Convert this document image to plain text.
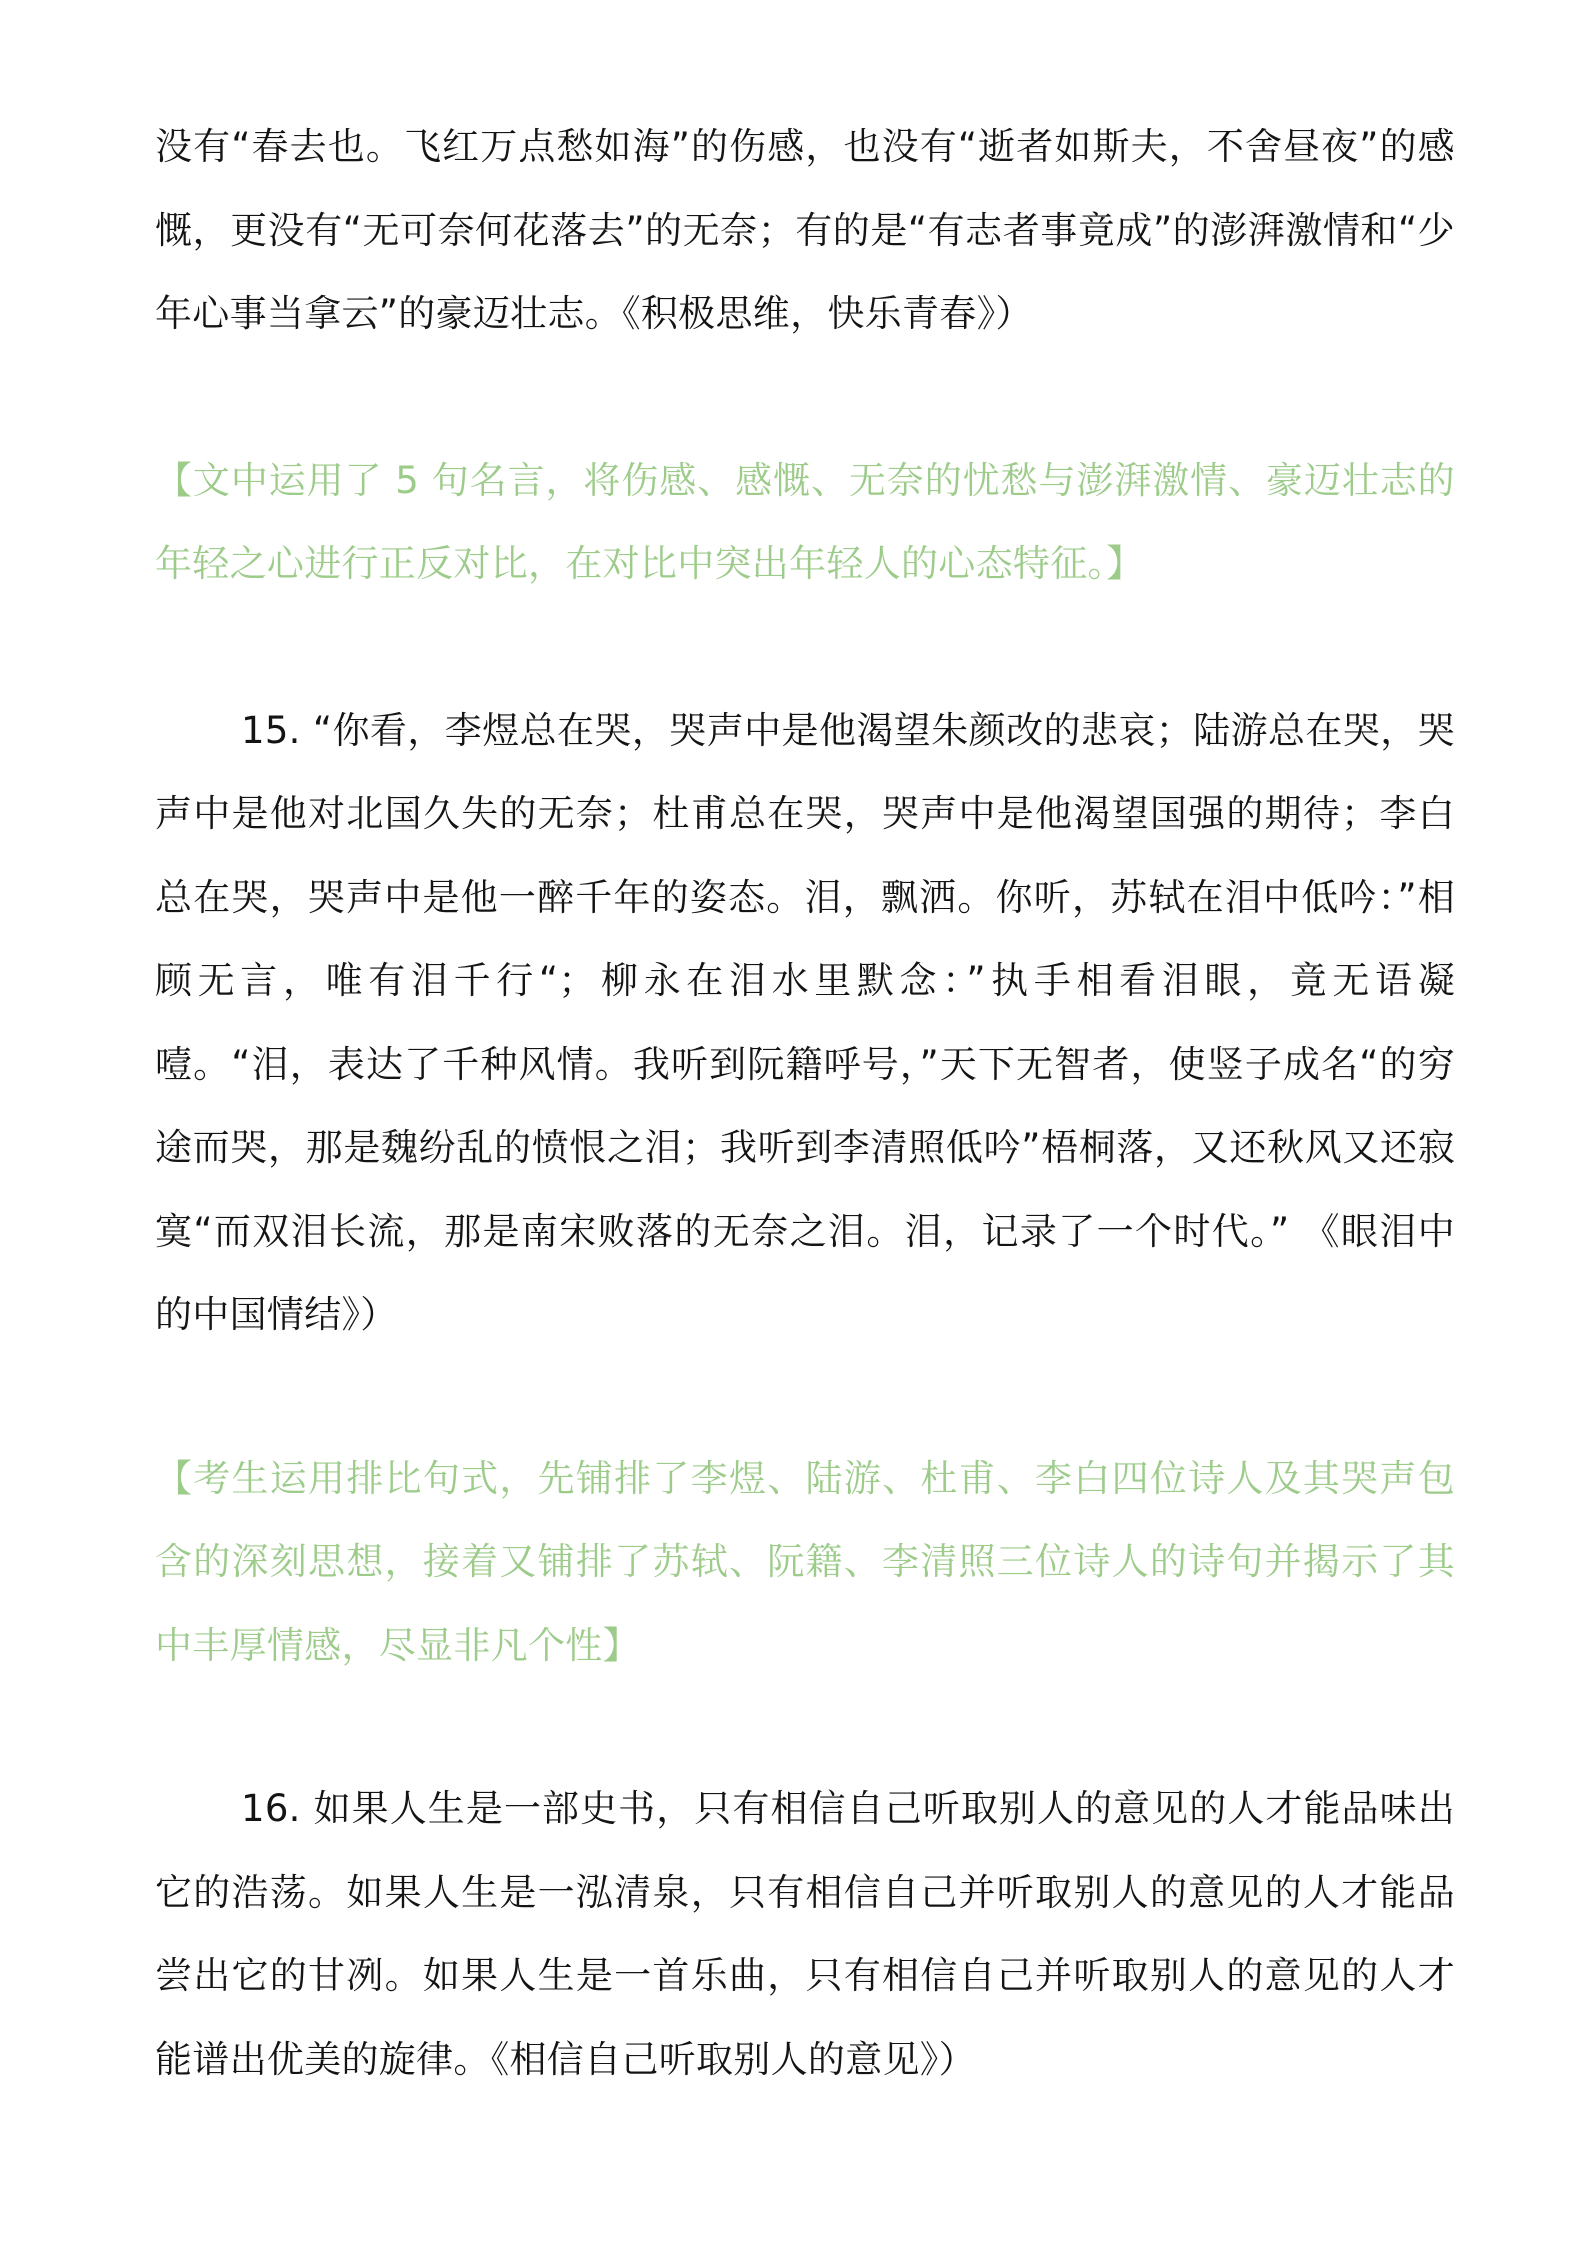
没有“春去也。飞红万点愁如海”的伤感，也没有“逝者如斯夫，不舍昼夜”的感慨，更没有“无可奈何花落去”的无奈；有的是“有志者事竟成”的澎湃激情和“少年心事当拿云”的豪迈壮志。《积极思维，快乐青春》）

【文中运用了 5 句名言，将伤感、感慨、无奈的忧愁与澎湃激情、豪迈壮志的年轻之心进行正反对比，在对比中突出年轻人的心态特征。】

15. “你看，李煜总在哭，哭声中是他渴望朱颜改的悲哀；陆游总在哭，哭声中是他对北国久失的无奈；杜甫总在哭，哭声中是他渴望国强的期待；李白总在哭，哭声中是他一醉千年的姿态。泪，飘洒。你听，苏轼在泪中低吟：”相顾无言，唯有泪千行“；柳永在泪水里默念：”执手相看泪眼，竟无语凝噎。“泪，表达了千种风情。我听到阮籍呼号，”天下无智者，使竖子成名“的穷途而哭，那是魏纷乱的愤恨之泪；我听到李清照低吟”梧桐落，又还秋风又还寂寞“而双泪长流，那是南宋败落的无奈之泪。泪，记录了一个时代。” 《眼泪中的中国情结》）

【考生运用排比句式，先铺排了李煜、陆游、杜甫、李白四位诗人及其哭声包含的深刻思想，接着又铺排了苏轼、阮籍、李清照三位诗人的诗句并揭示了其中丰厚情感，尽显非凡个性】

16. 如果人生是一部史书，只有相信自己听取别人的意见的人才能品味出它的浩荡。如果人生是一泓清泉，只有相信自己并听取别人的意见的人才能品尝出它的甘冽。如果人生是一首乐曲，只有相信自己并听取别人的意见的人才能谱出优美的旋律。《相信自己听取别人的意见》）
